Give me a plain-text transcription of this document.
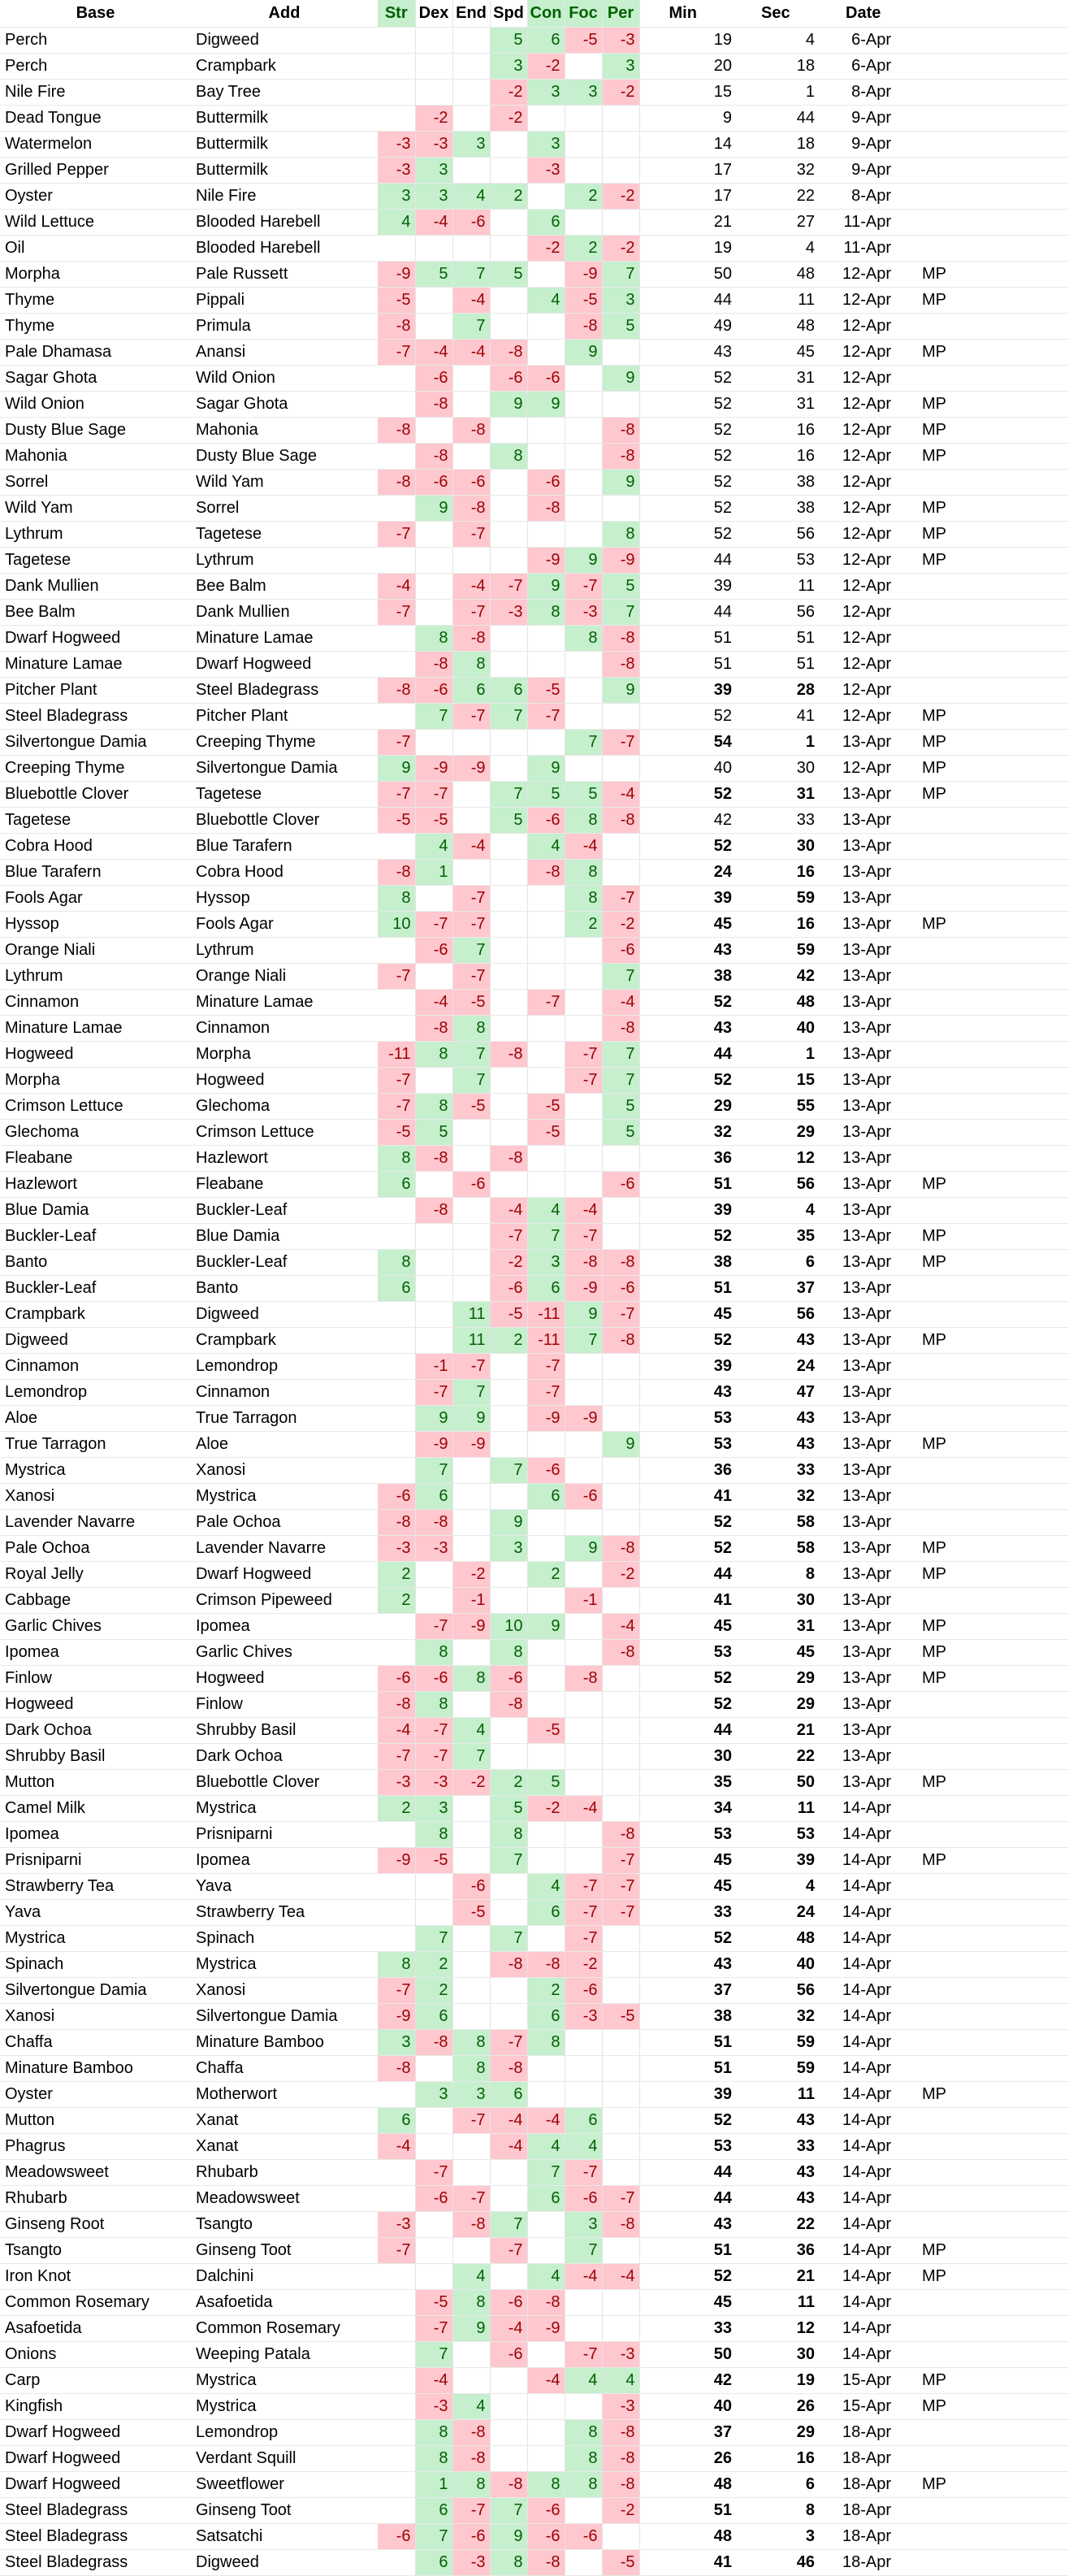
Base	Add	Str	Dex	End	Spd	Con	Foc	Per	Min	Sec	Date		
Perch	Digweed				5	6	-5	-3	19	4	6-Apr		
Perch	Crampbark				3	-2		3	20	18	6-Apr		
Nile Fire	Bay Tree				-2	3	3	-2	15	1	8-Apr		
Dead Tongue	Buttermilk		-2		-2				9	44	9-Apr		
Watermelon	Buttermilk	-3	-3	3		3			14	18	9-Apr		
Grilled Pepper	Buttermilk	-3	3			-3			17	32	9-Apr		
Oyster	Nile Fire	3	3	4	2		2	-2	17	22	8-Apr		
Wild Lettuce	Blooded Harebell	4	-4	-6		6			21	27	11-Apr		
Oil	Blooded Harebell					-2	2	-2	19	4	11-Apr		
Morpha	Pale Russett	-9	5	7	5		-9	7	50	48	12-Apr	MP	
Thyme	Pippali	-5		-4		4	-5	3	44	11	12-Apr	MP	
Thyme	Primula	-8		7			-8	5	49	48	12-Apr		
Pale Dhamasa	Anansi	-7	-4	-4	-8		9		43	45	12-Apr	MP	
Sagar Ghota	Wild Onion		-6		-6	-6		9	52	31	12-Apr		
Wild Onion	Sagar Ghota		-8		9	9			52	31	12-Apr	MP	
Dusty Blue Sage	Mahonia	-8		-8				-8	52	16	12-Apr	MP	
Mahonia	Dusty Blue Sage		-8		8			-8	52	16	12-Apr	MP	
Sorrel	Wild Yam	-8	-6	-6		-6		9	52	38	12-Apr		
Wild Yam	Sorrel		9	-8		-8			52	38	12-Apr	MP	
Lythrum	Tagetese	-7		-7				8	52	56	12-Apr	MP	
Tagetese	Lythrum					-9	9	-9	44	53	12-Apr	MP	
Dank Mullien	Bee Balm	-4		-4	-7	9	-7	5	39	11	12-Apr		
Bee Balm	Dank Mullien	-7		-7	-3	8	-3	7	44	56	12-Apr		
Dwarf Hogweed	Minature Lamae		8	-8			8	-8	51	51	12-Apr		
Minature Lamae	Dwarf Hogweed		-8	8				-8	51	51	12-Apr		
Pitcher Plant	Steel Bladegrass	-8	-6	6	6	-5		9	39	28	12-Apr		
Steel Bladegrass	Pitcher Plant		7	-7	7	-7			52	41	12-Apr	MP	
Silvertongue Damia	Creeping Thyme	-7					7	-7	54	1	13-Apr	MP	
Creeping Thyme	Silvertongue Damia	9	-9	-9		9			40	30	12-Apr	MP	
Bluebottle Clover	Tagetese	-7	-7		7	5	5	-4	52	31	13-Apr	MP	
Tagetese	Bluebottle Clover	-5	-5		5	-6	8	-8	42	33	13-Apr		
Cobra Hood	Blue Tarafern		4	-4		4	-4		52	30	13-Apr		
Blue Tarafern	Cobra Hood	-8	1			-8	8		24	16	13-Apr		
Fools Agar	Hyssop	8		-7			8	-7	39	59	13-Apr		
Hyssop	Fools Agar	10	-7	-7			2	-2	45	16	13-Apr	MP	
Orange Niali	Lythrum		-6	7				-6	43	59	13-Apr		
Lythrum	Orange Niali	-7		-7				7	38	42	13-Apr		
Cinnamon	Minature Lamae		-4	-5		-7		-4	52	48	13-Apr		
Minature Lamae	Cinnamon		-8	8				-8	43	40	13-Apr		
Hogweed	Morpha	-11	8	7	-8		-7	7	44	1	13-Apr		
Morpha	Hogweed	-7		7			-7	7	52	15	13-Apr		
Crimson Lettuce	Glechoma	-7	8	-5		-5		5	29	55	13-Apr		
Glechoma	Crimson Lettuce	-5	5			-5		5	32	29	13-Apr		
Fleabane	Hazlewort	8	-8		-8				36	12	13-Apr		
Hazlewort	Fleabane	6		-6				-6	51	56	13-Apr	MP	
Blue Damia	Buckler-Leaf		-8		-4	4	-4		39	4	13-Apr		
Buckler-Leaf	Blue Damia				-7	7	-7		52	35	13-Apr	MP	
Banto	Buckler-Leaf	8			-2	3	-8	-8	38	6	13-Apr	MP	
Buckler-Leaf	Banto	6			-6	6	-9	-6	51	37	13-Apr		
Crampbark	Digweed			11	-5	-11	9	-7	45	56	13-Apr		
Digweed	Crampbark			11	2	-11	7	-8	52	43	13-Apr	MP	
Cinnamon	Lemondrop		-1	-7		-7			39	24	13-Apr		
Lemondrop	Cinnamon		-7	7		-7			43	47	13-Apr		
Aloe	True Tarragon		9	9		-9	-9		53	43	13-Apr		
True Tarragon	Aloe		-9	-9				9	53	43	13-Apr	MP	
Mystrica	Xanosi		7		7	-6			36	33	13-Apr		
Xanosi	Mystrica	-6	6			6	-6		41	32	13-Apr		
Lavender Navarre	Pale Ochoa	-8	-8		9				52	58	13-Apr		
Pale Ochoa	Lavender Navarre	-3	-3		3		9	-8	52	58	13-Apr	MP	
Royal Jelly	Dwarf Hogweed	2		-2		2		-2	44	8	13-Apr	MP	
Cabbage	Crimson Pipeweed	2		-1			-1		41	30	13-Apr		
Garlic Chives	Ipomea		-7	-9	10	9		-4	45	31	13-Apr	MP	
Ipomea	Garlic Chives		8		8			-8	53	45	13-Apr	MP	
Finlow	Hogweed	-6	-6	8	-6		-8		52	29	13-Apr	MP	
Hogweed	Finlow	-8	8		-8				52	29	13-Apr		
Dark Ochoa	Shrubby Basil	-4	-7	4		-5			44	21	13-Apr		
Shrubby Basil	Dark Ochoa	-7	-7	7					30	22	13-Apr		
Mutton	Bluebottle Clover	-3	-3	-2	2	5			35	50	13-Apr	MP	
Camel Milk	Mystrica	2	3		5	-2	-4		34	11	14-Apr		
Ipomea	Prisniparni		8		8			-8	53	53	14-Apr		
Prisniparni	Ipomea	-9	-5		7			-7	45	39	14-Apr	MP	
Strawberry Tea	Yava			-6		4	-7	-7	45	4	14-Apr		
Yava	Strawberry Tea			-5		6	-7	-7	33	24	14-Apr		
Mystrica	Spinach		7		7		-7		52	48	14-Apr		
Spinach	Mystrica	8	2		-8	-8	-2		43	40	14-Apr		
Silvertongue Damia	Xanosi	-7	2			2	-6		37	56	14-Apr		
Xanosi	Silvertongue Damia	-9	6			6	-3	-5	38	32	14-Apr		
Chaffa	Minature Bamboo	3	-8	8	-7	8			51	59	14-Apr		
Minature Bamboo	Chaffa	-8		8	-8				51	59	14-Apr		
Oyster	Motherwort		3	3	6				39	11	14-Apr	MP	
Mutton	Xanat	6		-7	-4	-4	6		52	43	14-Apr		
Phagrus	Xanat	-4			-4	4	4		53	33	14-Apr		
Meadowsweet	Rhubarb		-7			7	-7		44	43	14-Apr		
Rhubarb	Meadowsweet		-6	-7		6	-6	-7	44	43	14-Apr		
Ginseng Root	Tsangto	-3		-8	7		3	-8	43	22	14-Apr		
Tsangto	Ginseng Toot	-7			-7		7		51	36	14-Apr	MP	
Iron Knot	Dalchini			4		4	-4	-4	52	21	14-Apr	MP	
Common Rosemary	Asafoetida		-5	8	-6	-8			45	11	14-Apr		
Asafoetida	Common Rosemary		-7	9	-4	-9			33	12	14-Apr		
Onions	Weeping Patala		7		-6		-7	-3	50	30	14-Apr		
Carp	Mystrica		-4			-4	4	4	42	19	15-Apr	MP	
Kingfish	Mystrica		-3	4				-3	40	26	15-Apr	MP	
Dwarf Hogweed	Lemondrop		8	-8			8	-8	37	29	18-Apr		
Dwarf Hogweed	Verdant Squill		8	-8			8	-8	26	16	18-Apr		
Dwarf Hogweed	Sweetflower		1	8	-8	8	8	-8	48	6	18-Apr	MP	
Steel Bladegrass	Ginseng Toot		6	-7	7	-6		-2	51	8	18-Apr		
Steel Bladegrass	Satsatchi	-6	7	-6	9	-6	-6		48	3	18-Apr		
Steel Bladegrass	Digweed		6	-3	8	-8		-5	41	46	18-Apr		
